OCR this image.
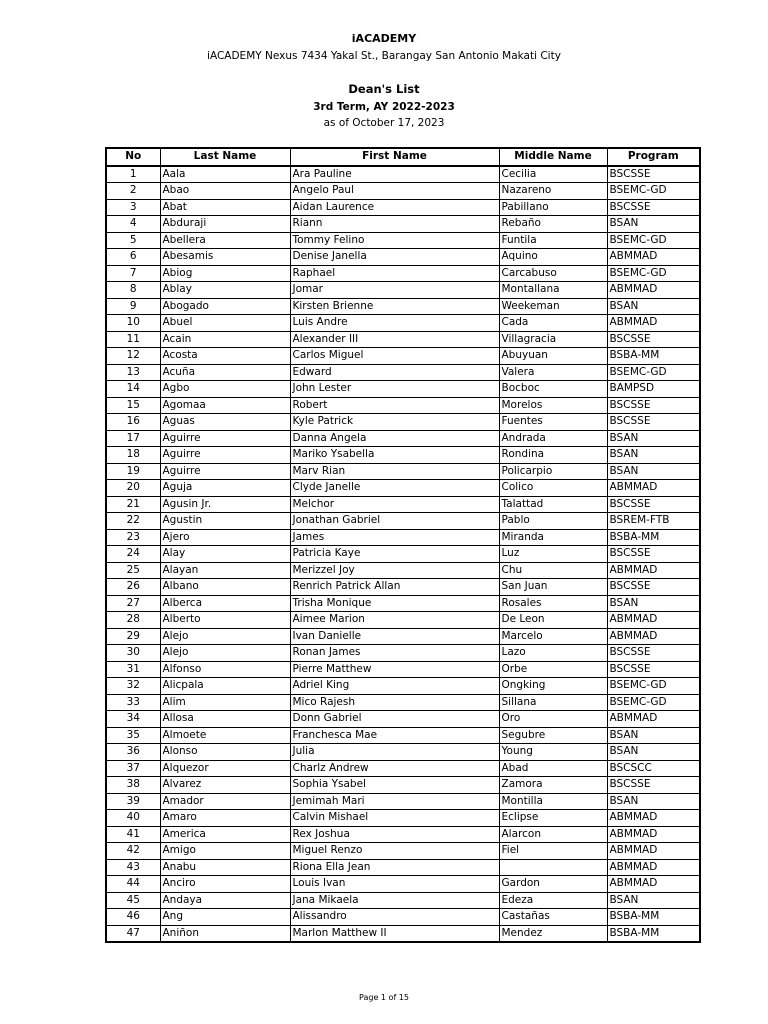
iACADEMY
iACADEMY Nexus 7434 Yakal St., Barangay San Antonio Makati City
Dean's List
3rd Term, AY 2022-2023
as of October 17, 2023
No	Last Name	First Name	Middle Name	Program
1	Aala	Ara Pauline	Cecilia	BSCSSE
2	Abao	Angelo Paul	Nazareno	BSEMC-GD
3	Abat	Aidan Laurence	Pabillano	BSCSSE
4	Abduraji	Riann	Rebaño	BSAN
5	Abellera	Tommy Felino	Funtila	BSEMC-GD
6	Abesamis	Denise Janella	Aquino	ABMMAD
7	Abiog	Raphael	Carcabuso	BSEMC-GD
8	Ablay	Jomar	Montallana	ABMMAD
9	Abogado	Kirsten Brienne	Weekeman	BSAN
10	Abuel	Luis Andre	Cada	ABMMAD
11	Acain	Alexander III	Villagracia	BSCSSE
12	Acosta	Carlos Miguel	Abuyuan	BSBA-MM
13	Acuña	Edward	Valera	BSEMC-GD
14	Agbo	John Lester	Bocboc	BAMPSD
15	Agomaa	Robert	Morelos	BSCSSE
16	Aguas	Kyle Patrick	Fuentes	BSCSSE
17	Aguirre	Danna Angela	Andrada	BSAN
18	Aguirre	Mariko Ysabella	Rondina	BSAN
19	Aguirre	Marv Rian	Policarpio	BSAN
20	Aguja	Clyde Janelle	Colico	ABMMAD
21	Agusin Jr.	Melchor	Talattad	BSCSSE
22	Agustin	Jonathan Gabriel	Pablo	BSREM-FTB
23	Ajero	James	Miranda	BSBA-MM
24	Alay	Patricia Kaye	Luz	BSCSSE
25	Alayan	Merizzel Joy	Chu	ABMMAD
26	Albano	Renrich Patrick Allan	San Juan	BSCSSE
27	Alberca	Trisha Monique	Rosales	BSAN
28	Alberto	Aimee Marion	De Leon	ABMMAD
29	Alejo	Ivan Danielle	Marcelo	ABMMAD
30	Alejo	Ronan James	Lazo	BSCSSE
31	Alfonso	Pierre Matthew	Orbe	BSCSSE
32	Alicpala	Adriel King	Ongking	BSEMC-GD
33	Alim	Mico Rajesh	Sillana	BSEMC-GD
34	Allosa	Donn Gabriel	Oro	ABMMAD
35	Almoete	Franchesca Mae	Segubre	BSAN
36	Alonso	Julia	Young	BSAN
37	Alquezor	Charlz Andrew	Abad	BSCSCC
38	Alvarez	Sophia Ysabel	Zamora	BSCSSE
39	Amador	Jemimah Mari	Montilla	BSAN
40	Amaro	Calvin Mishael	Eclipse	ABMMAD
41	America	Rex Joshua	Alarcon	ABMMAD
42	Amigo	Miguel Renzo	Fiel	ABMMAD
43	Anabu	Riona Ella Jean		ABMMAD
44	Anciro	Louis Ivan	Gardon	ABMMAD
45	Andaya	Jana Mikaela	Edeza	BSAN
46	Ang	Alissandro	Castañas	BSBA-MM
47	Aniñon	Marlon Matthew II	Mendez	BSBA-MM
Page 1 of 15
